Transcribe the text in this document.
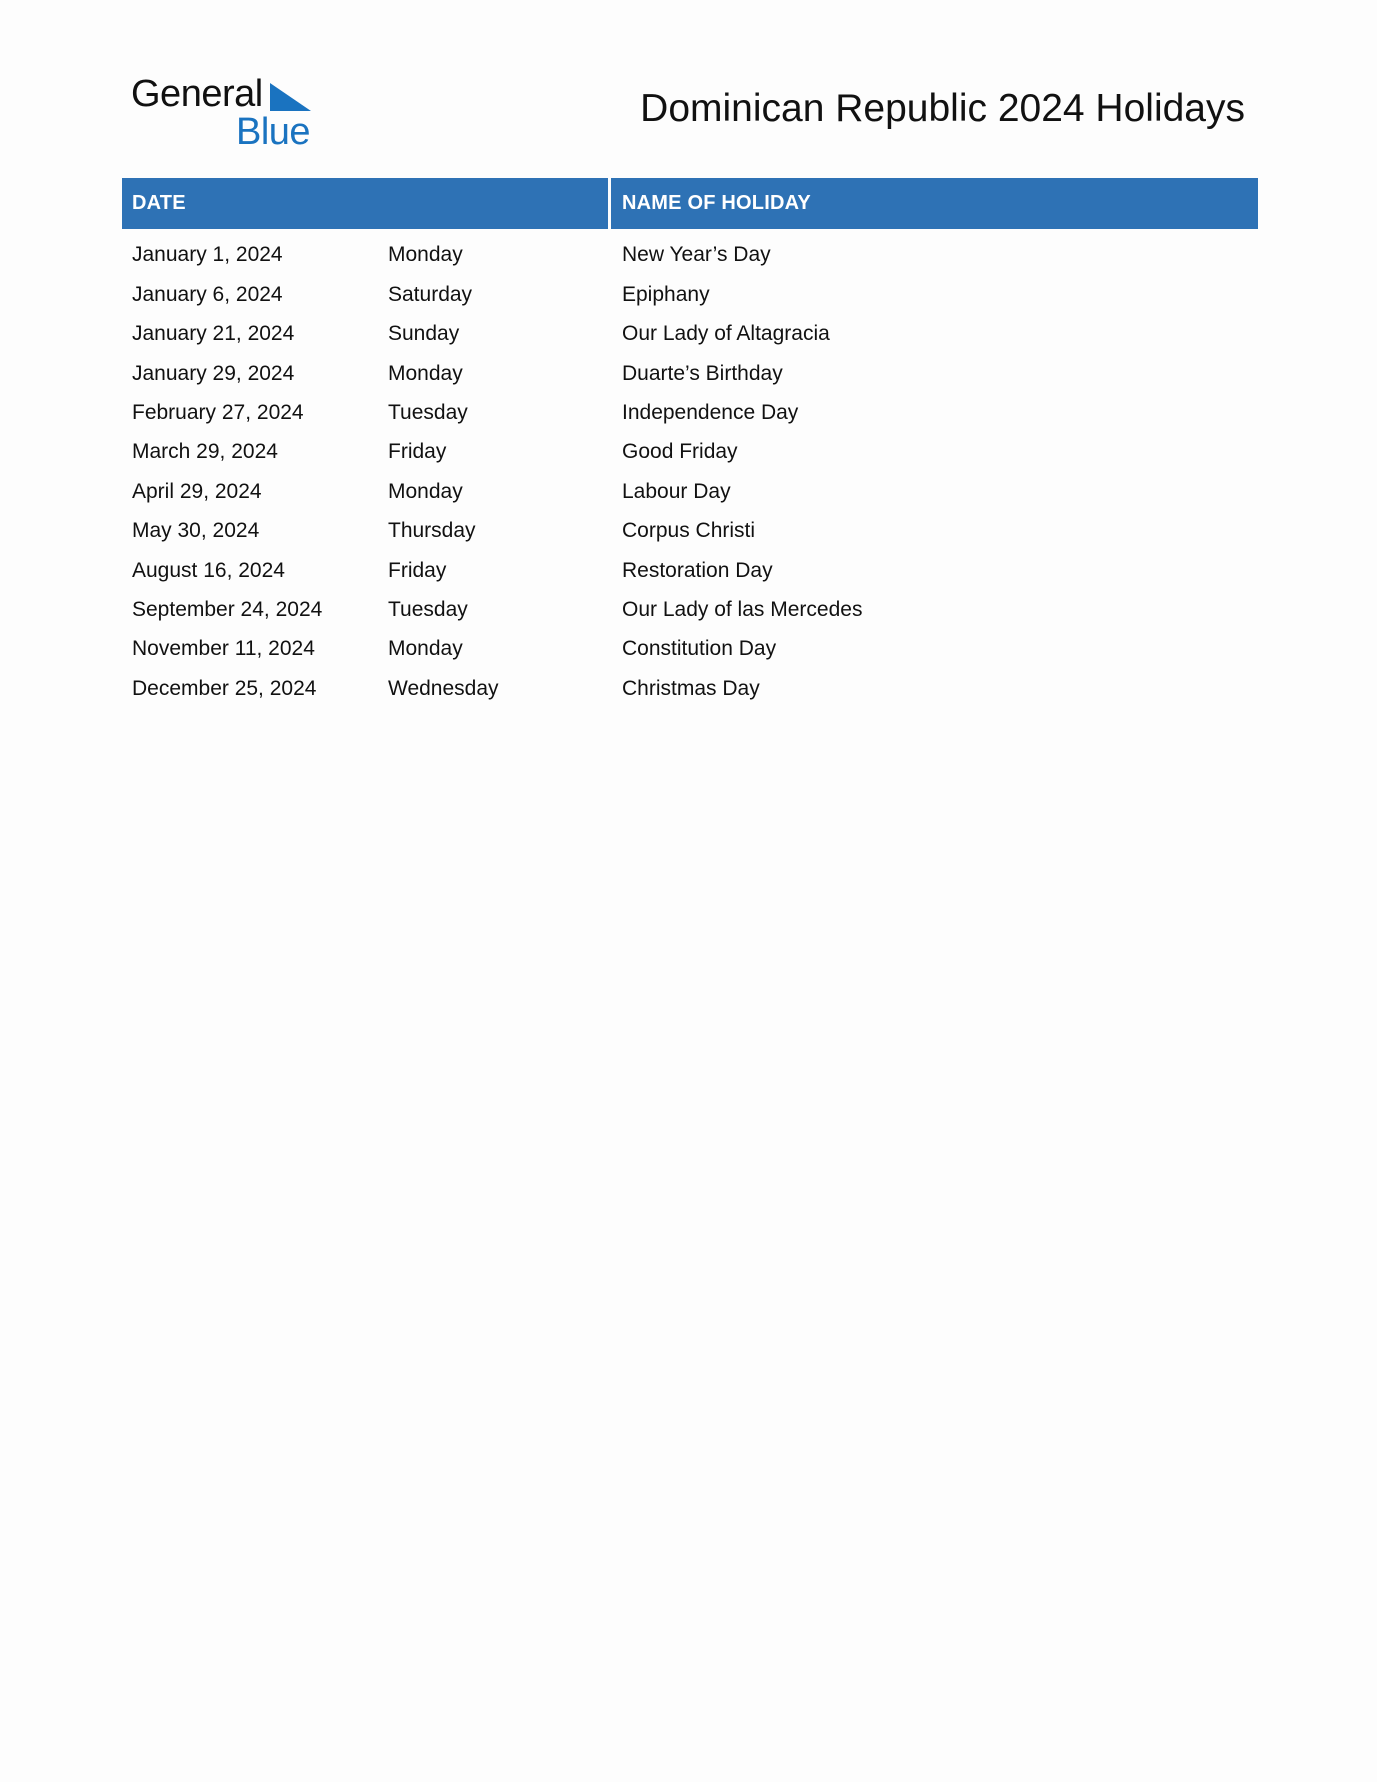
General
Blue
Dominican Republic 2024 Holidays
DATE	NAME OF HOLIDAY
January 1, 2024	Monday	New Year’s Day
January 6, 2024	Saturday	Epiphany
January 21, 2024	Sunday	Our Lady of Altagracia
January 29, 2024	Monday	Duarte’s Birthday
February 27, 2024	Tuesday	Independence Day
March 29, 2024	Friday	Good Friday
April 29, 2024	Monday	Labour Day
May 30, 2024	Thursday	Corpus Christi
August 16, 2024	Friday	Restoration Day
September 24, 2024	Tuesday	Our Lady of las Mercedes
November 11, 2024	Monday	Constitution Day
December 25, 2024	Wednesday	Christmas Day
